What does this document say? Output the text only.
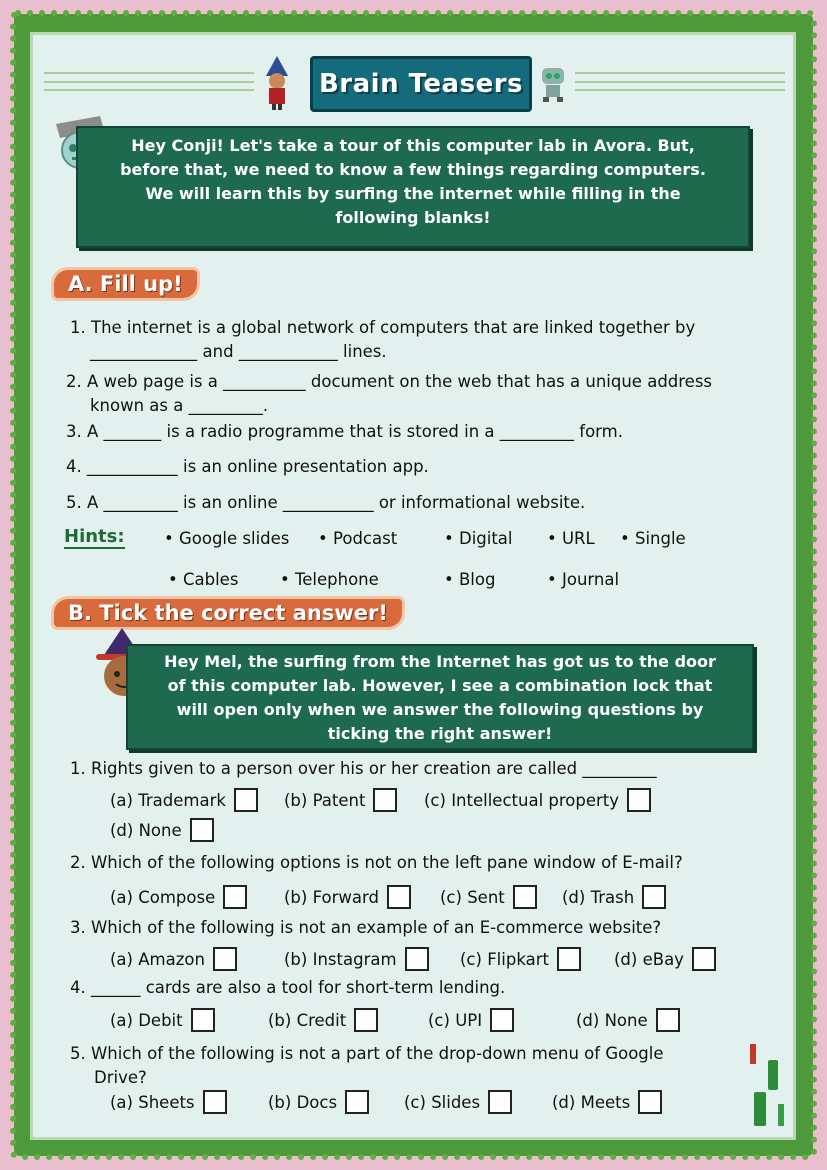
Brain Teasers

Hey Conji! Let's take a tour of this computer lab in Avora. But,

before that, we need to know a few things regarding computers.

We will learn this by surfing the internet while filling in the

following blanks!

A. Fill up!
1. The internet is a global network of computers that are linked together by
_____________ and ____________ lines.
2. A web page is a __________ document on the web that has a unique address
known as a _________.
3. A _______ is a radio programme that is stored in a _________ form.
4. ___________ is an online presentation app.
5. A _________ is an online ___________ or informational website.
Hints:	• Google slides	• Podcast	• Digital	• URL	• Single
• Cables	• Telephone	• Blog	• Journal
B. Tick the correct answer!

Hey Mel, the surfing from the Internet has got us to the door

of this computer lab. However, I see a combination lock that

will open only when we answer the following questions by

ticking the right answer!

1. Rights given to a person over his or her creation are called _________
(a) Trademark	(b) Patent	(c) Intellectual property
(d) None
2. Which of the following options is not on the left pane window of E-mail?
(a) Compose	(b) Forward	(c) Sent	(d) Trash
3. Which of the following is not an example of an E-commerce website?
(a) Amazon	(b) Instagram	(c) Flipkart	(d) eBay
4. ______ cards are also a tool for short-term lending.
(a) Debit	(b) Credit	(c) UPI	(d) None
5. Which of the following is not a part of the drop-down menu of Google
Drive?
(a) Sheets	(b) Docs	(c) Slides	(d) Meets
